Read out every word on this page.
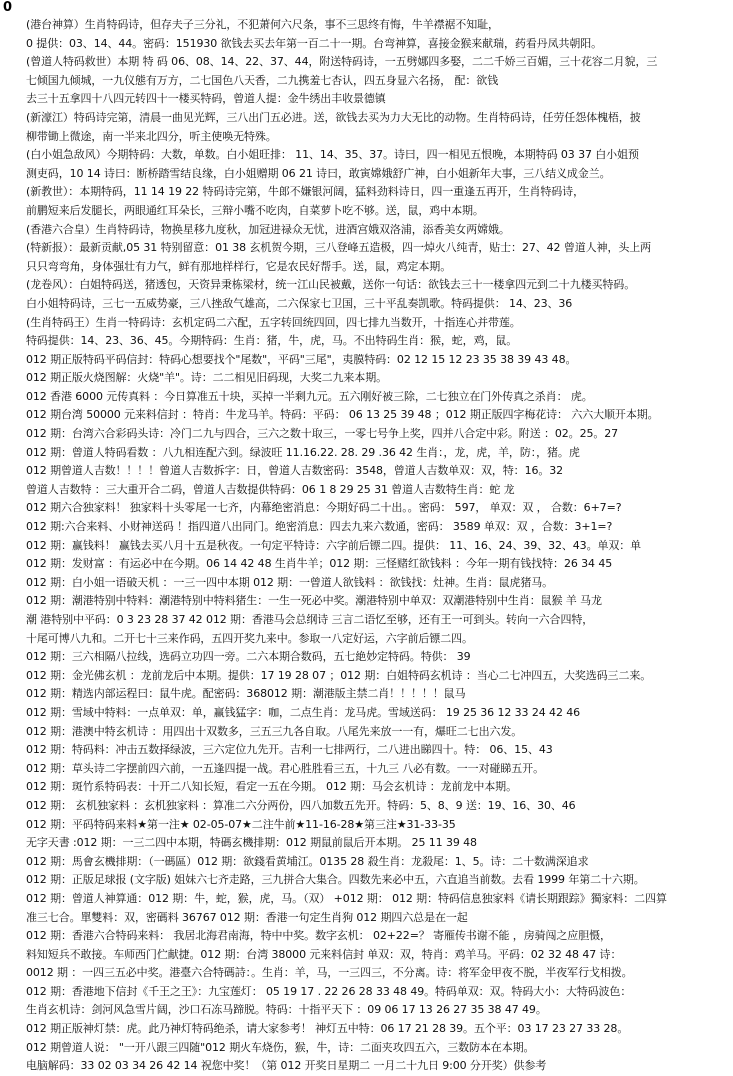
0
(港台神算）生肖特码诗，但存夫子三分礼，不犯萧何六尺条，事不三思终有悔，牛羊襟裾不知耻，
0 提供：03、14、44。密码：151930 欲钱去买去年第一百二十一期。台弯神算，喜接金猴来献瑞，药看丹凤共朝阳。
(曾道人特码救世）本期 特 码 06、08、14、22、37、44，附送特码诗，一五劈娜四多娶，二二千娇三百媚，三十花容二月貌，三
七倾国九倾城，一九仪態有万方，二七国色八天香，二九携羞七杏认，四五身显六名扬， 配：欲钱
去三十五拿四十八四元转四十一楼买特码，曾道人提：金牛绣出丰收景德镇
(新濠江）特码诗完第，清晨一曲见光辉，三八出门五必进。送，欲钱去买为力大无比的动物。生肖特码诗，任劳任怨体槐梧，披
柳带锄上微途，南一半来北四分，听主使唤无特殊。
(白小姐急敌风）今期特码：大数，单数。白小姐旺排： 11、14、35、37。诗曰，四一相见五恨晚，本期特码 03 37 白小姐预
测吏码，10 14 诗曰：断桥踏雪结良缘，白小姐赠期 06 21 诗曰，敢寅嫦娥舒广神，白小姐新年大事，三八结义成金兰。
(新教世）：本期特码，11 14 19 22 特码诗完第，牛郎不嫌银河阔，猛料劲料诗日，四一重逢五再开，生肖特码诗，
前鹏短来后发腿长，两眼通红耳朵长，三辩小嘴不吃肉，自菜萝卜吃不够。送，鼠，鸡中本期。
(香港六合皇）生肖特码诗，物换星移九度秋，加冠进禄众无忧，进酒宫娥双洛浦，添香美女两嫦娥。
(特新报）：最新贡献,05 31 特别留意：01 38 玄机贺今期，三八登峰五造极，四一焯火八纯青，贴士：27、42 曾道人神，头上两
只只弯弯角，身体强壮有力气，鲜有那地样样行，它是农民好帮手。送，鼠，鸡定本期。
(龙卷风）：白姐特码送，猪透包，天资异秉栋梁材，统一江山民被戴，送你一句话：欲钱去三十一楼拿四元到二十九楼买特码。
白小姐特码诗，三七一五威势豪，三八挫敌气雄高，二六保家七卫国，三十平乱奏凯歌。特码提供： 14、23、36
(生肖特码王）生肖一特码诗：玄机定码二六配，五字转回统四回，四七排九当数开，十指连心并带莲。
特码提供：14、23、36、45。今期特码：生肖：猪，牛，虎，马。不出特码生肖：猴，蛇，鸡，鼠。
012 期正版特码平码信封：特码心想要找个"尾数"，平码"三尾"，夷膜特码：02 12 15 12 23 35 38 39 43 48。
012 期正版火烧图解：火烧"羊"。诗：二二相见旧码现，大奖二九来本期。
012 香港 6000 元传真料 ：今日算准五十块，买掉一半剩九元。五六刚好被三除，二七独立在门外传真之杀肖： 虎。
012 期台湾 50000 元来料信封 ：特肖：牛龙马羊。特码：平码： 06 13 25 39 48 ；012 期正版四字梅花诗： 六六大顺开本期。
012 期：台湾六合彩码头诗：冷门二九与四合，三六之数十取三，一零七号争上奖，四并八合定中彩。附送 ：02。25。27
012 期：曾道人特码看数 ：八九相连配六到。绿波旺 11.16.22. 28. 29 .36 42 生肖：，龙，虎，羊，防：，猪。虎
012 期曾道人吉数！！！！曾道人吉数拆字：日，曾道人吉数密码：3548，曾道人吉数单双：双，特：16。32
曾道人吉数特 ：三大重开合二码，曾道人吉数提供特码：06 1 8 29 25 31 曾道人吉数特生肖：蛇 龙
012 期六合独家料！ 独家料十头零尾一七齐，内幕绝密消息：今期好码二十出。。密码： 597， 单双：双 ， 合数：6+7=?
012 期:六合来料、小财神送码 ！指四道八出同门。绝密消息：四去九来六数通，密码： 3589 单双：双 ，合数：3+1=?
012 期：赢钱料！ 赢钱去买八月十五是秋夜。一句定平特诗：六字前后镖二四。提供： 11、16、24、39、32、43。单双：单
012 期：发财富 ：有运必中在今期。06 14 42 48 生肖牛羊；012 期：三怪赌红欲钱料 ：今年一期有钱找特：26 34 45
012 期：白小姐一语破天机 ：一三一四中本期 012 期：一曾道人欲钱料 ：欲钱找：灶神。生肖：鼠虎猪马。
012 期：潮港特别中特料：潮港特别中特料猪生：一生一死必中奖。潮港特别中单双：双潮港特别中生肖：鼠猴 羊 马龙
潮 港特别中平码：0 3 23 28 37 42 012 期：香港马会总纲诗 三言二语忆至够，还有王一可到头。转向一六合四特，
十尾可博八九和。二开七十三来作码，五四开奖九来中。参取一八定好运，六字前后镖二四。
012 期：三六相隔八拉线，选码立功四一旁。二六本期合数码，五七絶妙定特码。特供： 39
012 期：金光佛玄机 ：龙前龙后中本期。提供：17 19 28 07 ；012 期：白姐特码玄机诗 ：当心二七冲四五，大奖选码三二来。
012 期：精选内部运程曰：鼠牛虎。配密码：368012 期：潮港版主禁二肖！！！！！鼠马
012 期：雪域中特料：一点单双：单，赢钱猛字：咖，二点生肖：龙马虎。雪域送码： 19 25 36 12 33 24 42 46
012 期：港澳中特玄机诗 ：用四出十双数多，三五三九各自取。八尾先来放一一有，爆旺二七出六发。
012 期：特码料：冲击五数择绿波，三六定位九先开。吉利一七排两行，二八进出睇四十。特： 06、15、43
012 期：草头诗二字摆前四六前，一五逢四提一战。君心胜胜看三五，十九三 八必有数。一一对碰睇五开。
012 期：斑竹系特码表：十开二八知长短，看定一五在今期。 012 期：马会玄机诗 ：龙前龙中本期。
012 期： 玄机独家料 ：玄机独家料 ：算准二六分两份，四八加数五先开。特码：5、8、9 送：19、16、30、46
012 期：平码特码来料★第一注★ 02-05-07★二注牛前★11-16-28★第三注★31-33-35
无字天書 :012 期：一三二四中本期，特碼玄機排期：012 期鼠前鼠后开本期。 25 11 39 48
012 期：馬會玄機排期：（一碼區）012 期：欲錢看黄埔江。0135 28 殺生肖：龙殺尾：1、5。诗：二十数满深追求
012 期：正版足球报 (文字版) 姐妹六七齐走路，三九拼合大集合。四数先来必中五，六直追当前数。去看 1999 年第二十六期。
012 期：曾道人神算通：012 期：牛，蛇，猴，虎，马。（双） +012 期： 012 期：特码信息独家料《请长期跟踪》獨家料：二四算
准三七合。單雙料：双，密碼料 36767 012 期：香港一句定生肖狗 012 期四六总是在一起
012 期：香港六合特码来料： 我居北海君南海，特中中奖。数字玄机： 02+22=？ 寄雁传书谢不能 ，房骑闯之应胆慑，
料知短兵不敢接。车师西门伫献捷。012 期：台湾 38000 元来料信封 单双：双，特肖：鸡羊马。平码：02 32 48 47 诗：
0012 期 ：一四三五必中奖。港臺六合特碼詩：。生肖：羊，马，一三四三，不分离。诗：将军金甲夜不脱，半夜军行戈相拨。
012 期：香港地下信封《千王之王》：九宝莲灯： 05 19 17 . 22 26 28 33 48 49。特码单双：双。特码大小：大特码波色：
生肖玄机诗：剑河风急雪片阔，沙口石冻马蹄脱。特码：十指平天下 ：09 06 17 13 26 27 35 38 47 49。
012 期正版神灯禁：虎。此乃神灯特码绝杀，请大家参考！ 神灯五中特：06 17 21 28 39。五个平：03 17 23 27 33 28。
012 期曾道人说： "一开八跟三四随"012 期火车烧伤，猴，牛，诗：二面夹攻四五六，三数防本在本期。
电脑解码：33 02 03 34 26 42 14 祝您中奖！（第 012 开奖日星期二 一月二十九日 9:00 分开奖）供参考
